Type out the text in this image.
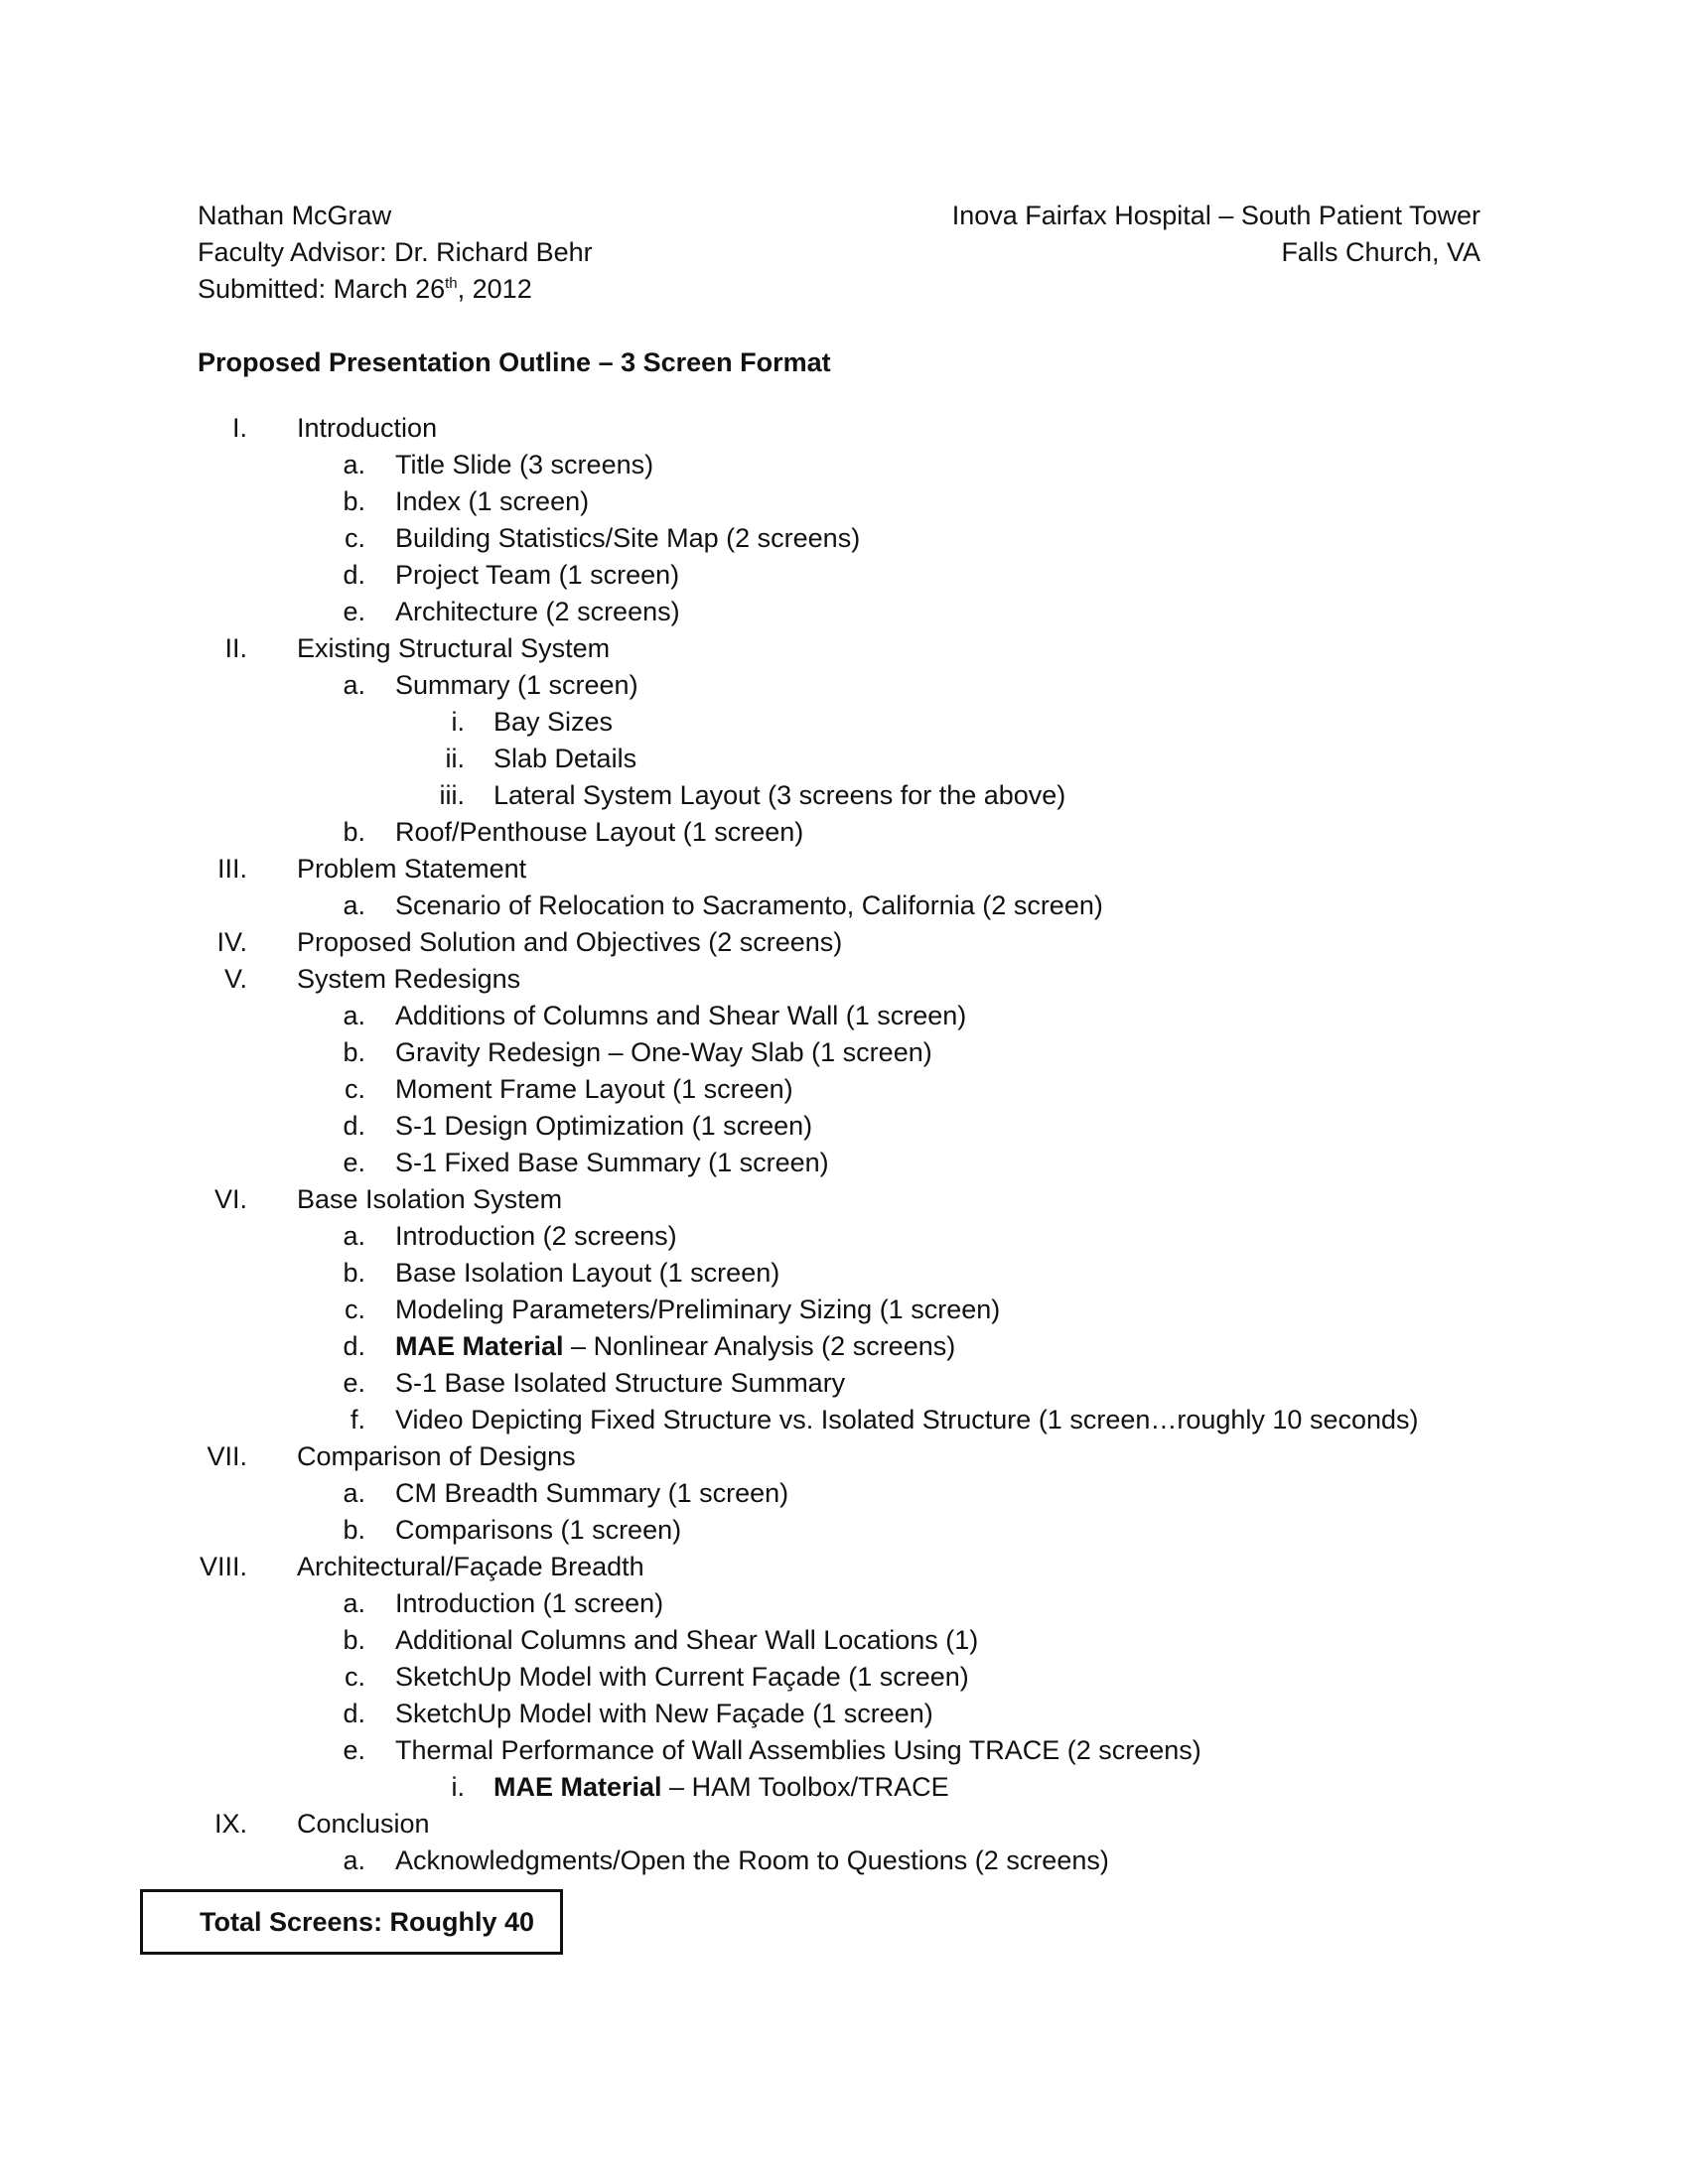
Nathan McGraw
Faculty Advisor: Dr. Richard Behr
Submitted: March 26th, 2012
Inova Fairfax Hospital – South Patient Tower
Falls Church, VA
Proposed Presentation Outline – 3 Screen Format
I. Introduction
a. Title Slide (3 screens)
b. Index (1 screen)
c. Building Statistics/Site Map (2 screens)
d. Project Team (1 screen)
e. Architecture (2 screens)
II. Existing Structural System
a. Summary (1 screen)
i. Bay Sizes
ii. Slab Details
iii. Lateral System Layout (3 screens for the above)
b. Roof/Penthouse Layout (1 screen)
III. Problem Statement
a. Scenario of Relocation to Sacramento, California (2 screen)
IV. Proposed Solution and Objectives (2 screens)
V. System Redesigns
a. Additions of Columns and Shear Wall (1 screen)
b. Gravity Redesign – One-Way Slab (1 screen)
c. Moment Frame Layout (1 screen)
d. S-1 Design Optimization (1 screen)
e. S-1 Fixed Base Summary (1 screen)
VI. Base Isolation System
a. Introduction (2 screens)
b. Base Isolation Layout (1 screen)
c. Modeling Parameters/Preliminary Sizing (1 screen)
d. MAE Material – Nonlinear Analysis (2 screens)
e. S-1 Base Isolated Structure Summary
f. Video Depicting Fixed Structure vs. Isolated Structure (1 screen…roughly 10 seconds)
VII. Comparison of Designs
a. CM Breadth Summary (1 screen)
b. Comparisons (1 screen)
VIII. Architectural/Façade Breadth
a. Introduction (1 screen)
b. Additional Columns and Shear Wall Locations (1)
c. SketchUp Model with Current Façade (1 screen)
d. SketchUp Model with New Façade (1 screen)
e. Thermal Performance of Wall Assemblies Using TRACE (2 screens)
i. MAE Material – HAM Toolbox/TRACE
IX. Conclusion
a. Acknowledgments/Open the Room to Questions (2 screens)
Total Screens: Roughly 40
